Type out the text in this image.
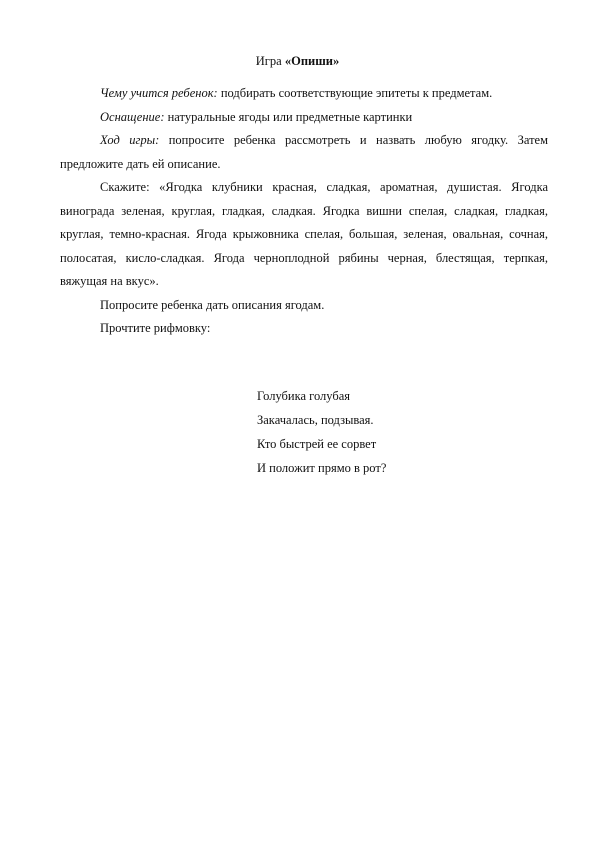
Игра «Опиши»

Чему учится ребенок: подбирать соответствующие эпитеты к предметам.

Оснащение: натуральные ягоды или предметные картинки

Ход игры: попросите ребенка рассмотреть и назвать любую ягодку. Затем предложите дать ей описание.

Скажите: «Ягодка клубники красная, сладкая, ароматная, душистая. Ягодка винограда зеленая, круглая, гладкая, сладкая. Ягодка вишни спелая, сладкая, гладкая, круглая, темно-красная. Ягода крыжовника спелая, большая, зеленая, овальная, сочная, полосатая, кисло-сладкая. Ягода черноплодной рябины черная, блестящая, терпкая, вяжущая на вкус».

Попросите ребенка дать описания ягодам.

Прочтите рифмовку:

Голубика голубая
Закачалась, подзывая.
Кто быстрей ее сорвет
И положит прямо в рот?
